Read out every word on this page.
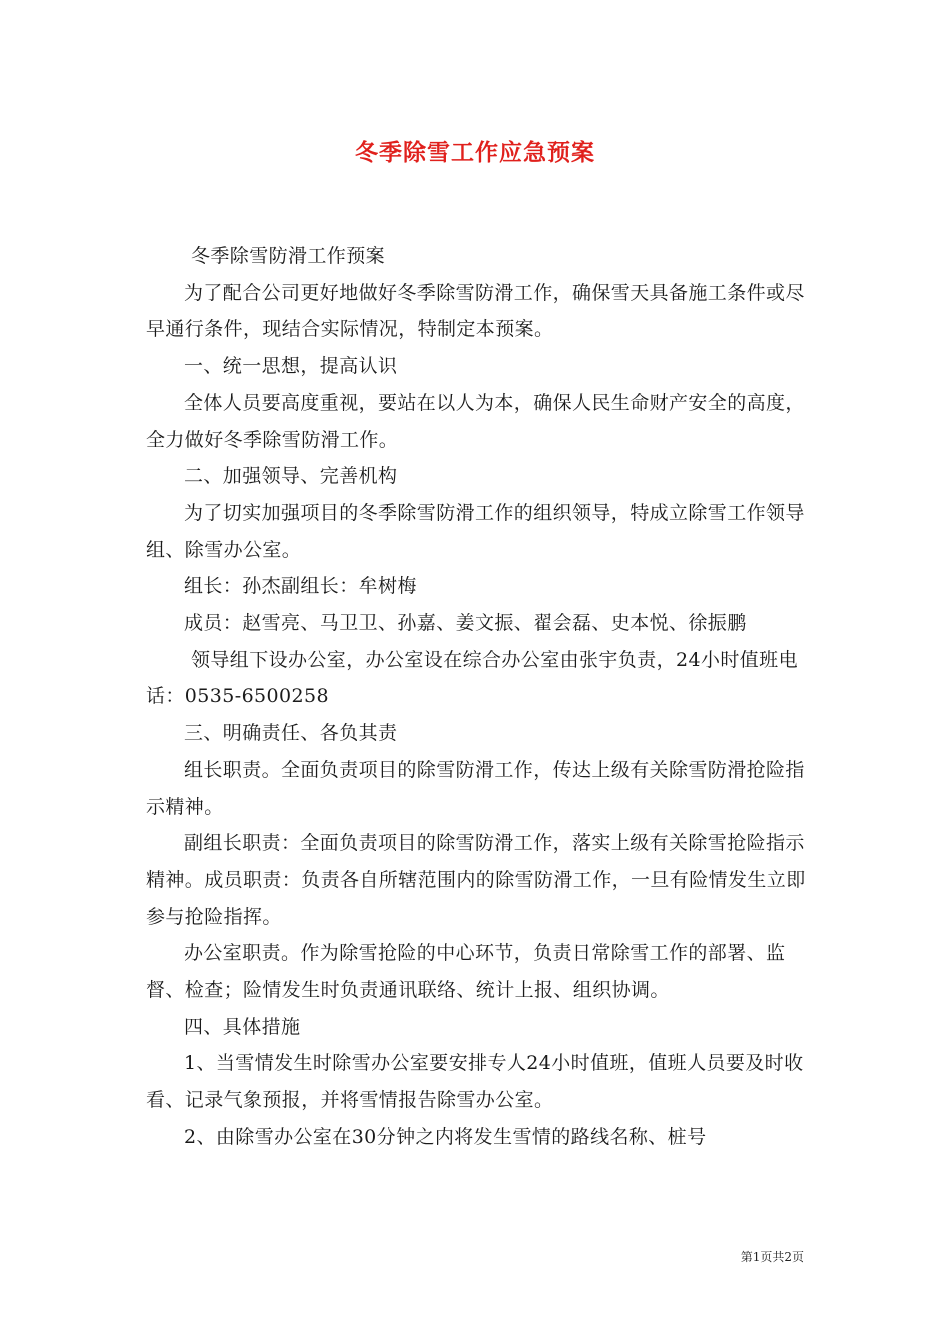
冬季除雪工作应急预案

冬季除雪防滑工作预案

为了配合公司更好地做好冬季除雪防滑工作，确保雪天具备施工条件或尽早通行条件，现结合实际情况，特制定本预案。

一、统一思想，提高认识

全体人员要高度重视，要站在以人为本，确保人民生命财产安全的高度，全力做好冬季除雪防滑工作。

二、加强领导、完善机构

为了切实加强项目的冬季除雪防滑工作的组织领导，特成立除雪工作领导组、除雪办公室。

组长：孙杰副组长：牟树梅

成员：赵雪亮、马卫卫、孙嘉、姜文振、翟会磊、史本悦、徐振鹏

领导组下设办公室，办公室设在综合办公室由张宇负责，24小时值班电话：0535-6500258

三、明确责任、各负其责

组长职责。全面负责项目的除雪防滑工作，传达上级有关除雪防滑抢险指示精神。

副组长职责：全面负责项目的除雪防滑工作，落实上级有关除雪抢险指示精神。成员职责：负责各自所辖范围内的除雪防滑工作，一旦有险情发生立即参与抢险指挥。

办公室职责。作为除雪抢险的中心环节，负责日常除雪工作的部署、监督、检查；险情发生时负责通讯联络、统计上报、组织协调。

四、具体措施

1、当雪情发生时除雪办公室要安排专人24小时值班，值班人员要及时收看、记录气象预报，并将雪情报告除雪办公室。

2、由除雪办公室在30分钟之内将发生雪情的路线名称、桩号

第1页共2页
